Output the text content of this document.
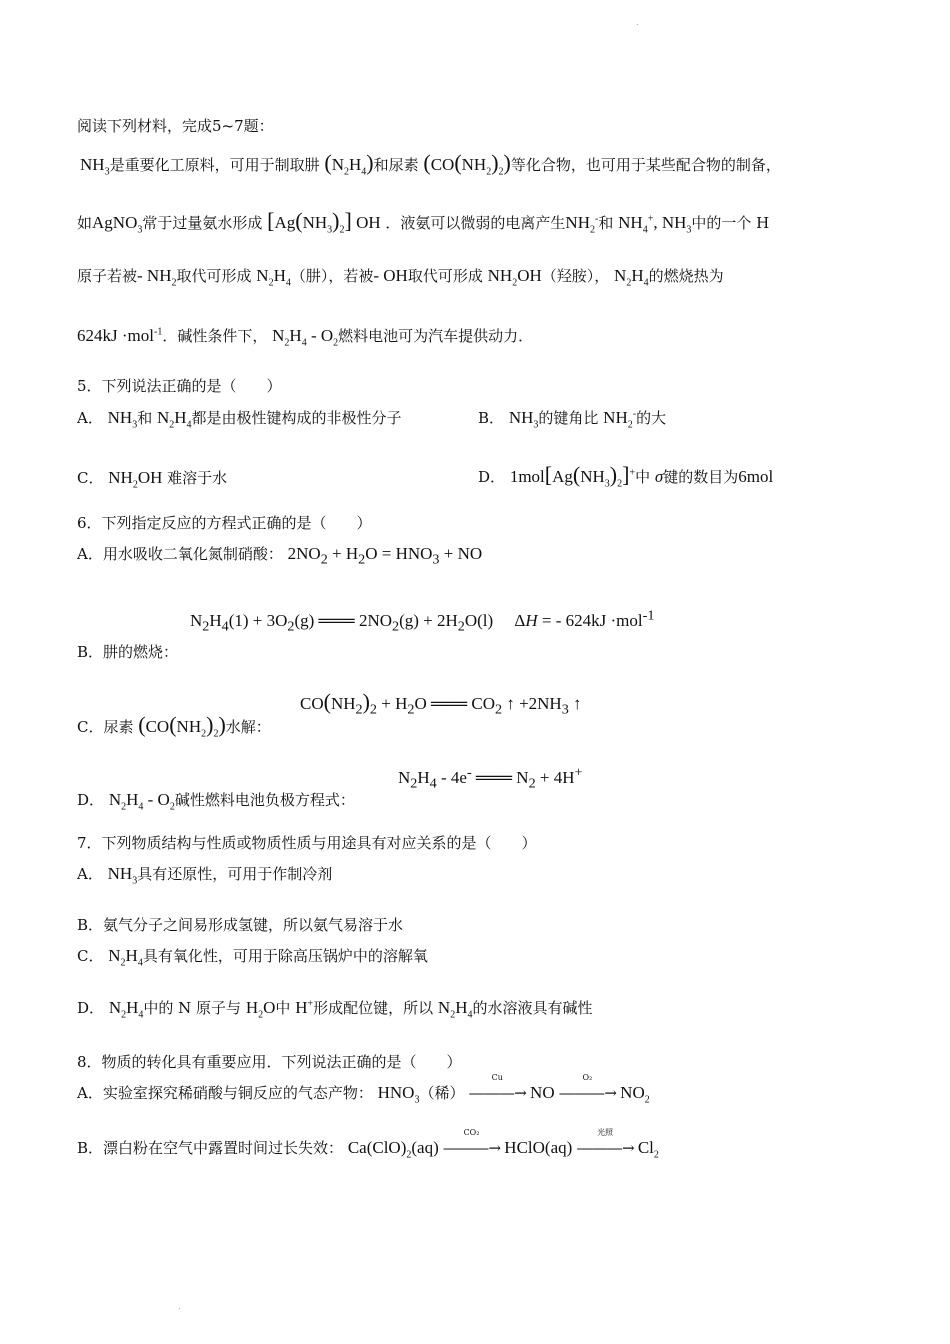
.
.
阅读下列材料，完成5~7题：
$NH_3$是重要化工原料，可用于制取肼 $(N_2H_4)$和尿素 $(CO(NH_2)_2)$等化合物，也可用于某些配合物的制备，
如AgNO$_3$常于过量氨水形成 $[Ag(NH_3)_2]$ OH ．液氨可以微弱的电离产生$NH_2^-$和 $NH_4^+$, $NH_3$中的一个 H
原子若被- $NH_2$取代可形成 $N_2H_4$（肼），若被- OH取代可形成 $NH_2OH$（羟胺）， $N_2H_4$的燃烧热为
624kJ ·mol$^{-1}$．碱性条件下， $N_2H_4 - O_2$燃料电池可为汽车提供动力．
5．下列说法正确的是（　　）
A． $NH_3$和 $N_2H_4$都是由极性键构成的非极性分子	B． $NH_3$的键角比 $NH_2^-$的大
C． $NH_2OH$ 难溶于水	D． $1mol[Ag(NH_3)_2]^+$中 σ键的数目为6mol
6．下列指定反应的方程式正确的是（　　）
A．用水吸收二氧化氮制硝酸： $2NO_2 + H_2O = HNO_3$ + NO
$N_2H_4(1) + 3O_2(g)$ ═══ $2NO_2(g) + 2H_2O(l)$　 ΔH = - 624kJ ·mol$^{-1}$
B．肼的燃烧：
$CO(NH_2)_2 + H_2O$ ═══ $CO_2$ ↑ $+2NH_3$ ↑
C．尿素 $(CO(NH_2)_2)$水解：
$N_2H_4 - 4e^-$ ═══ $N_2 + 4H^+$
D． $N_2H_4 - O_2$碱性燃料电池负极方程式：
7．下列物质结构与性质或物质性质与用途具有对应关系的是（　　）
A． $NH_3$具有还原性，可用于作制冷剂
B．氨气分子之间易形成氢键，所以氨气易溶于水
C． $N_2H_4$具有氧化性，可用于除高压锅炉中的溶解氧
D． $N_2H_4$中的 N 原子与 $H_2O$中 H+形成配位键，所以 $N_2H_4$的水溶液具有碱性
8．物质的转化具有重要应用．下列说法正确的是（　　）
A．实验室探究稀硝酸与铜反应的气态产物： $HNO_3$（稀）
Cu
―――→ NO
O₂
―――→ $NO_2$
B．漂白粉在空气中露置时间过长失效： $Ca(ClO)_2(aq)$
CO₂
―――→ HClO(aq)
光照
―――→ $Cl_2$
